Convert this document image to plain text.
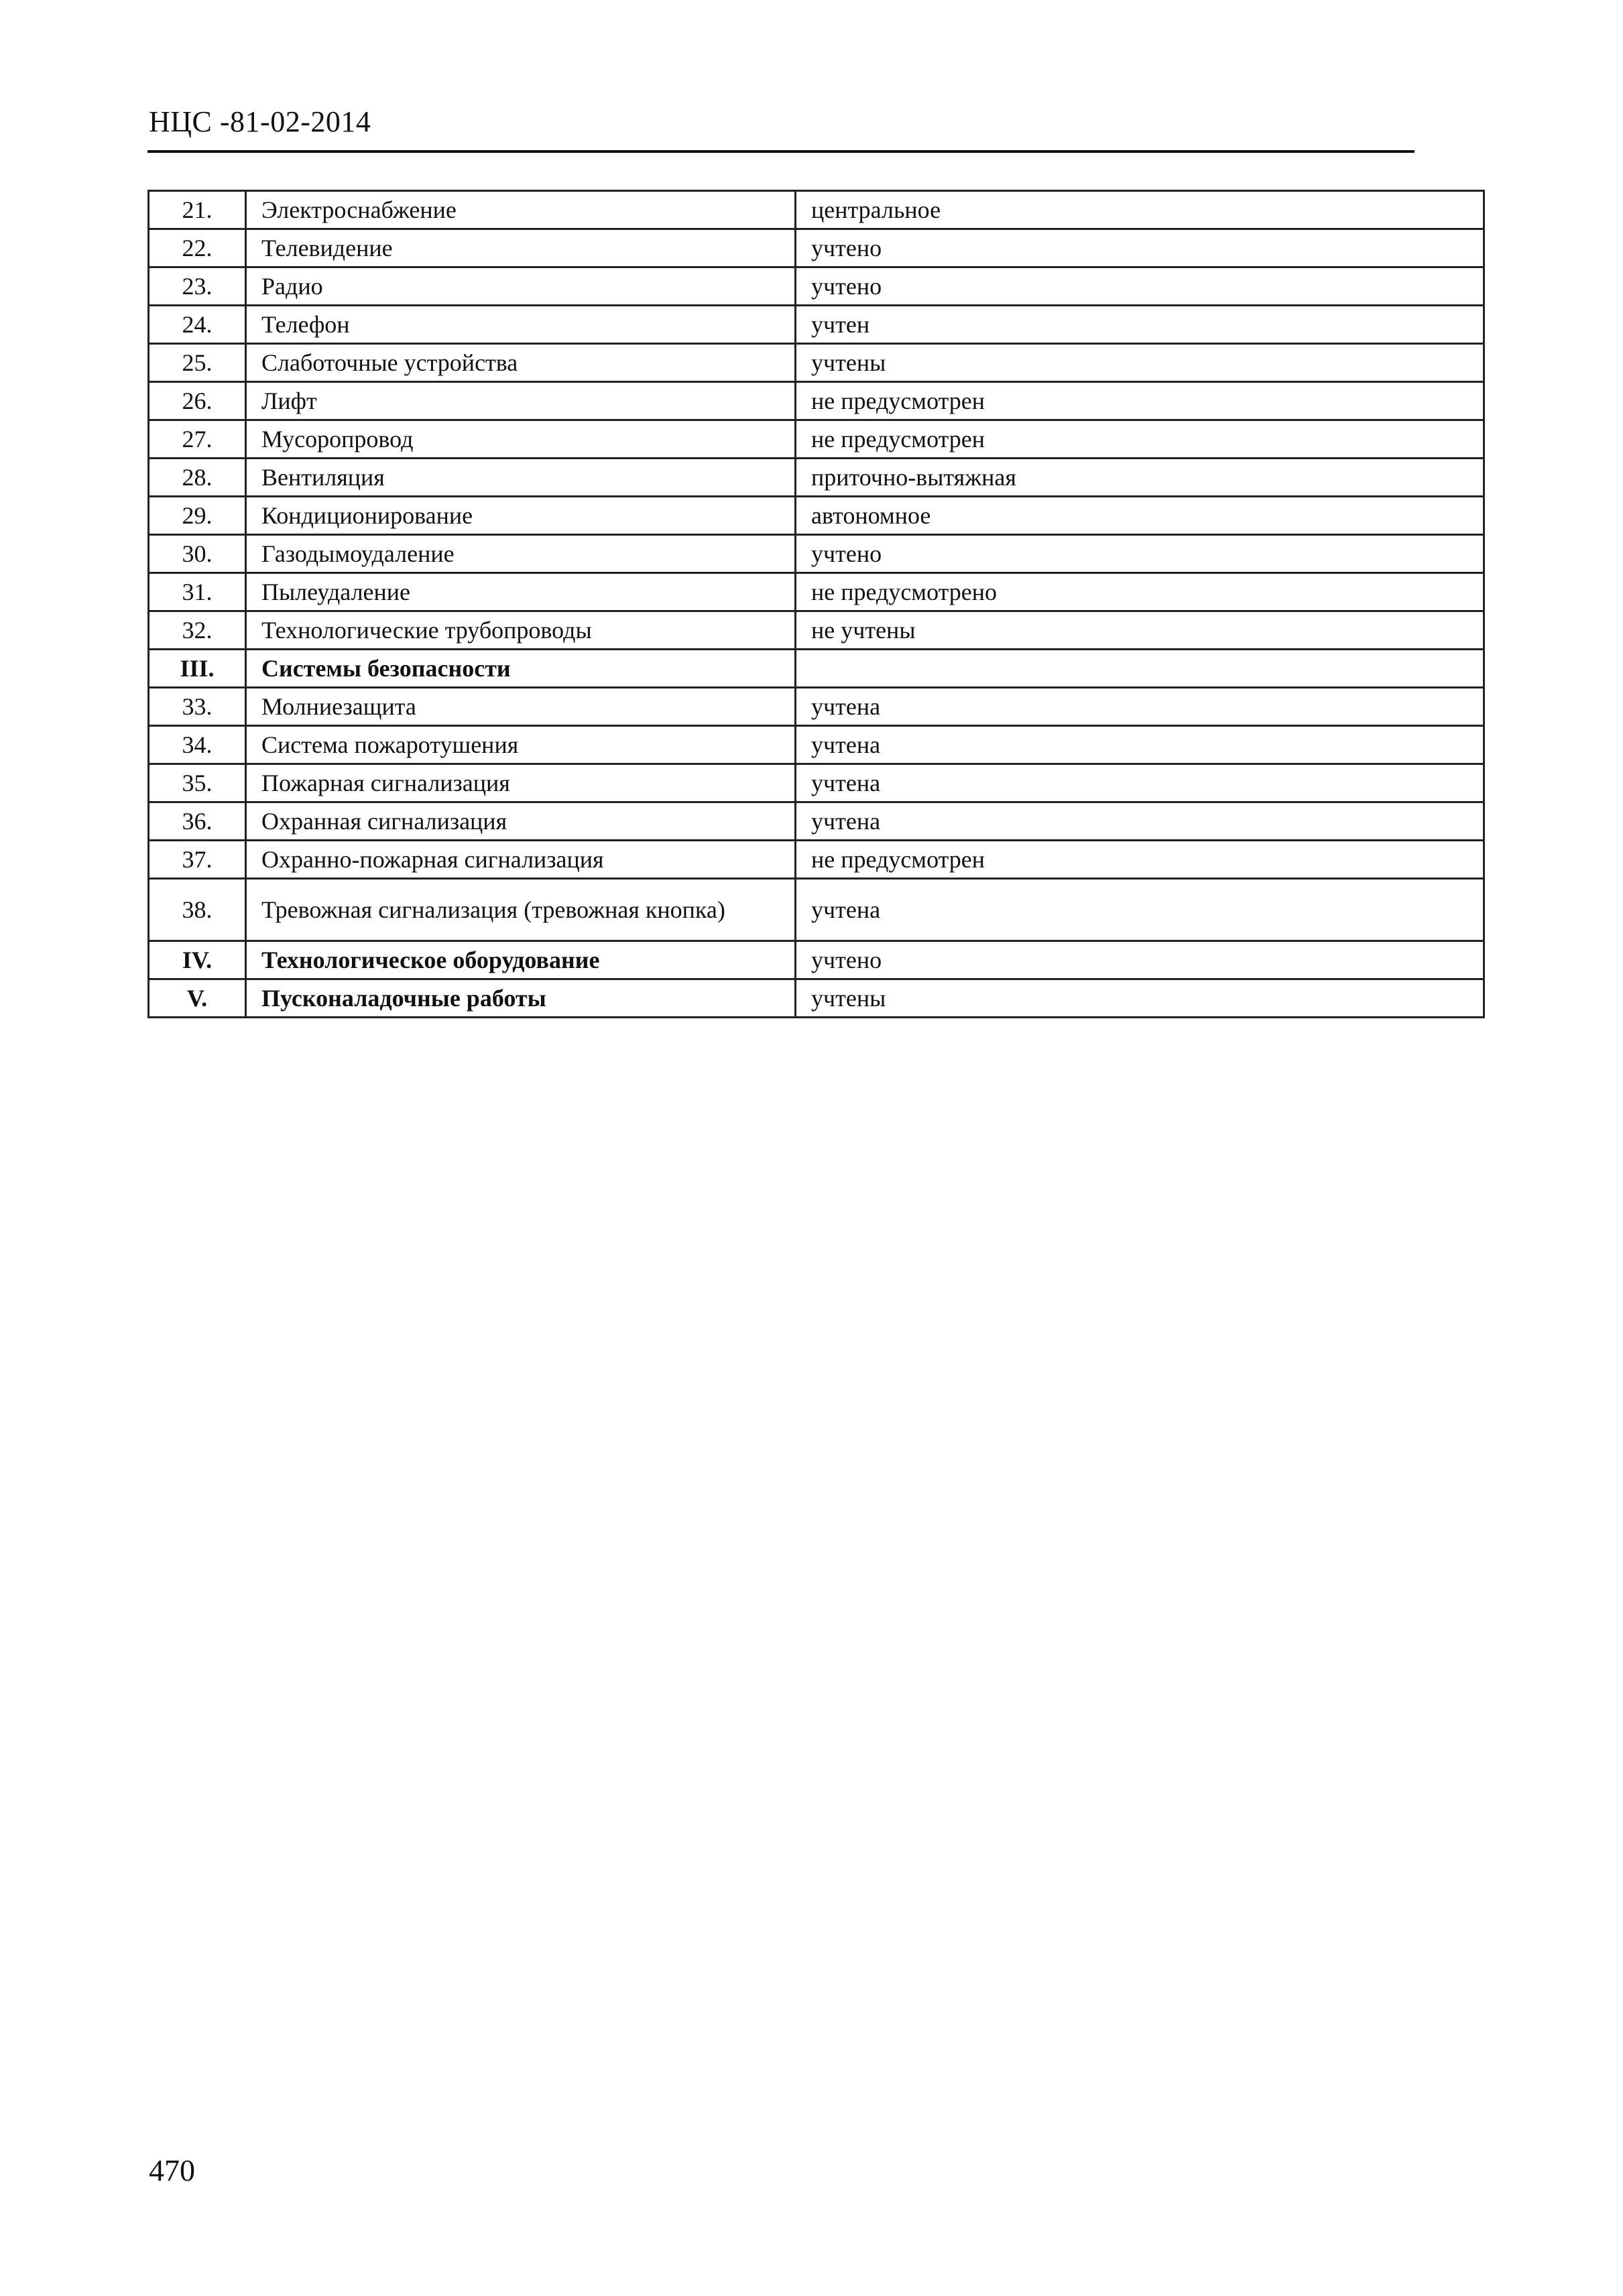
НЦС -81-02-2014
21.	Электроснабжение	центральное
22.	Телевидение	учтено
23.	Радио	учтено
24.	Телефон	учтен
25.	Слаботочные устройства	учтены
26.	Лифт	не предусмотрен
27.	Мусоропровод	не предусмотрен
28.	Вентиляция	приточно-вытяжная
29.	Кондиционирование	автономное
30.	Газодымоудаление	учтено
31.	Пылеудаление	не предусмотрено
32.	Технологические трубопроводы	не учтены
III.	Системы безопасности	
33.	Молниезащита	учтена
34.	Система пожаротушения	учтена
35.	Пожарная сигнализация	учтена
36.	Охранная сигнализация	учтена
37.	Охранно-пожарная сигнализация	не предусмотрен
38.	Тревожная сигнализация (тревожная кнопка)	учтена
IV.	Технологическое оборудование	учтено
V.	Пусконаладочные работы	учтены
470
